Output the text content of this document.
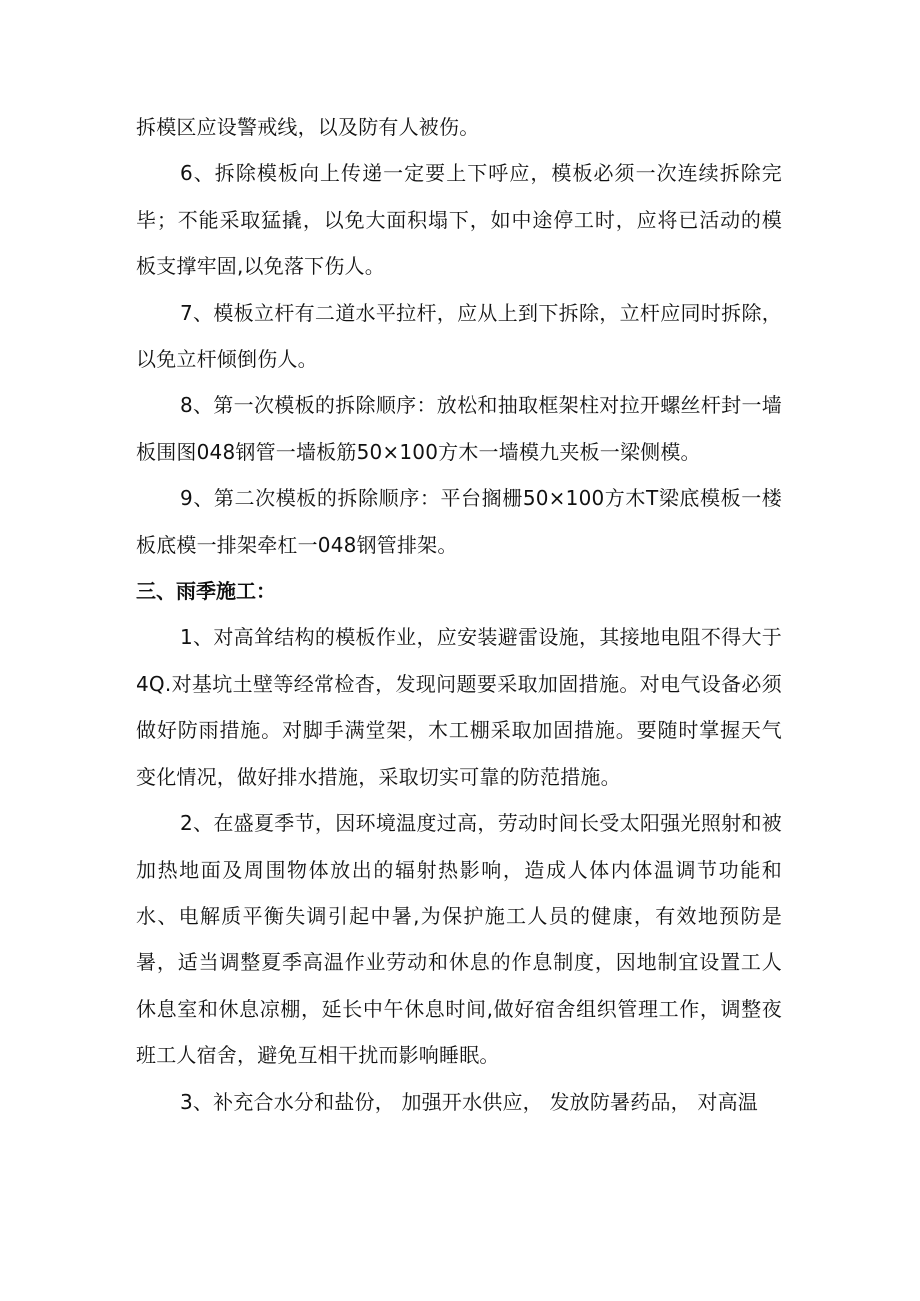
拆模区应设警戒线，以及防有人被伤。

6、拆除模板向上传递一定要上下呼应，模板必须一次连续拆除完毕；不能采取猛撬，以免大面积塌下，如中途停工时，应将已活动的模板支撑牢固,以免落下伤人。

7、模板立杆有二道水平拉杆，应从上到下拆除，立杆应同时拆除，以免立杆倾倒伤人。

8、第一次模板的拆除顺序：放松和抽取框架柱对拉开螺丝杆封一墙板围图048钢管一墙板筋50×100方木一墙模九夹板一梁侧模。

9、第二次模板的拆除顺序：平台搁栅50×100方木T梁底模板一楼板底模一排架牵杠一048钢管排架。

三、雨季施工：

1、对高耸结构的模板作业，应安装避雷设施，其接地电阻不得大于4Q.对基坑土壁等经常检杳，发现问题要采取加固措施。对电气设备必须做好防雨措施。对脚手满堂架，木工棚采取加固措施。要随时掌握天气变化情况，做好排水措施，采取切实可靠的防范措施。

2、在盛夏季节，因环境温度过高，劳动时间长受太阳强光照射和被加热地面及周围物体放出的辐射热影响，造成人体内体温调节功能和水、电解质平衡失调引起中暑,为保护施工人员的健康，有效地预防是暑，适当调整夏季高温作业劳动和休息的作息制度，因地制宜设置工人休息室和休息凉棚，延长中午休息时间,做好宿舍组织管理工作，调整夜班工人宿舍，避免互相干扰而影响睡眠。

3、补充合水分和盐份， 加强开水供应， 发放防暑药品， 对高温
